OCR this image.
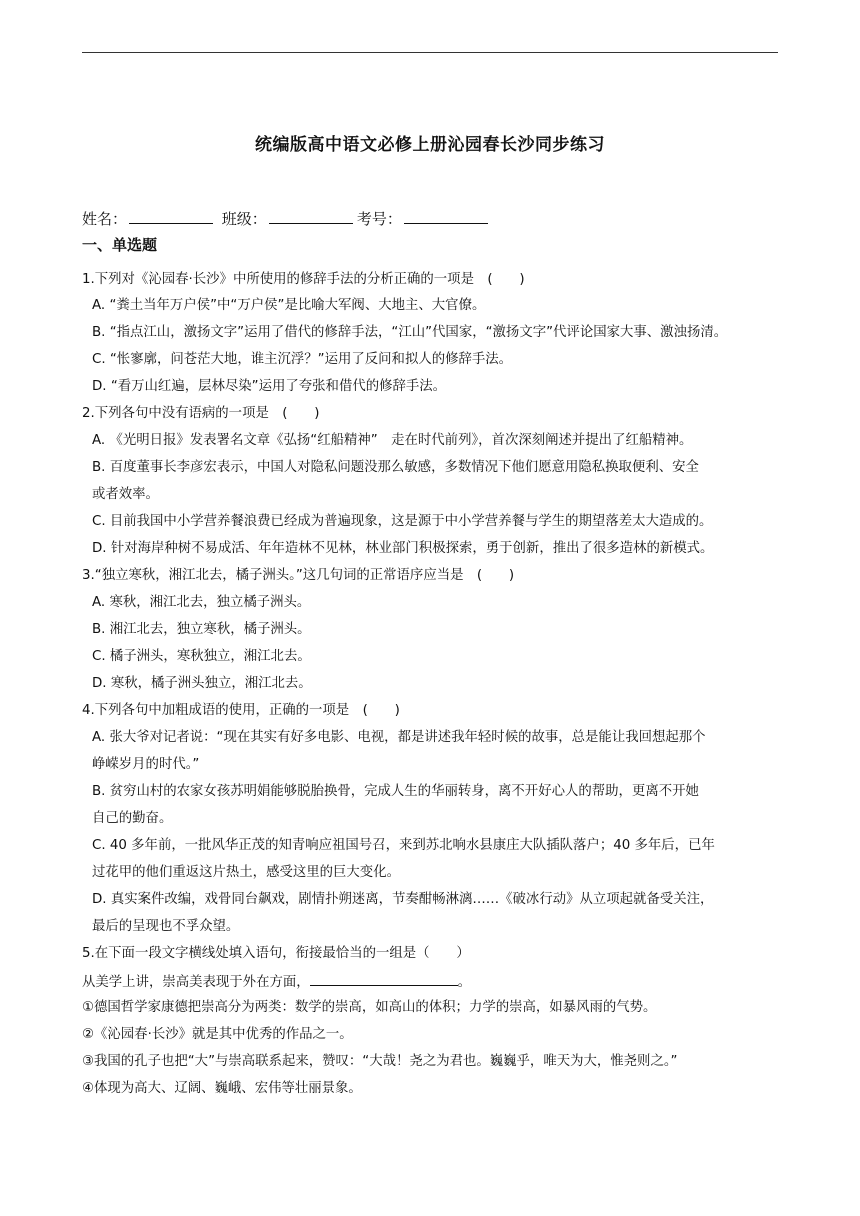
统编版高中语文必修上册沁园春长沙同步练习
姓名：	班级：	考号：
一、单选题
1.下列对《沁园春·长沙》中所使用的修辞手法的分析正确的一项是　(　　)
A. “粪土当年万户侯”中“万户侯”是比喻大军阀、大地主、大官僚。
B. “指点江山，激扬文字”运用了借代的修辞手法，“江山”代国家，“激扬文字”代评论国家大事、激浊扬清。
C. “怅寥廓，问苍茫大地，谁主沉浮？”运用了反问和拟人的修辞手法。
D. “看万山红遍，层林尽染”运用了夸张和借代的修辞手法。
2.下列各句中没有语病的一项是　(　　)
A. 《光明日报》发表署名文章《弘扬“红船精神”　走在时代前列》，首次深刻阐述并提出了红船精神。
B. 百度董事长李彦宏表示，中国人对隐私问题没那么敏感，多数情况下他们愿意用隐私换取便利、安全
或者效率。
C. 目前我国中小学营养餐浪费已经成为普遍现象，这是源于中小学营养餐与学生的期望落差太大造成的。
D. 针对海岸种树不易成活、年年造林不见林，林业部门积极探索，勇于创新，推出了很多造林的新模式。
3.“独立寒秋，湘江北去，橘子洲头。”这几句词的正常语序应当是　(　　)
A. 寒秋，湘江北去，独立橘子洲头。
B. 湘江北去，独立寒秋，橘子洲头。
C. 橘子洲头，寒秋独立，湘江北去。
D. 寒秋，橘子洲头独立，湘江北去。
4.下列各句中加粗成语的使用，正确的一项是　(　　)
A. 张大爷对记者说：“现在其实有好多电影、电视，都是讲述我年轻时候的故事，总是能让我回想起那个
峥嵘岁月的时代。”
B. 贫穷山村的农家女孩苏明娟能够脱胎换骨，完成人生的华丽转身，离不开好心人的帮助，更离不开她
自己的勤奋。
C. 40 多年前，一批风华正茂的知青响应祖国号召，来到苏北响水县康庄大队插队落户；40 多年后，已年
过花甲的他们重返这片热土，感受这里的巨大变化。
D. 真实案件改编，戏骨同台飙戏，剧情扑朔迷离，节奏酣畅淋漓……《破冰行动》从立项起就备受关注，
最后的呈现也不孚众望。
5.在下面一段文字横线处填入语句，衔接最恰当的一组是（　　）
从美学上讲，崇高美表现于外在方面，	。
①德国哲学家康德把崇高分为两类：数学的崇高，如高山的体积；力学的崇高，如暴风雨的气势。
②《沁园春·长沙》就是其中优秀的作品之一。
③我国的孔子也把“大”与崇高联系起来，赞叹：“大哉！尧之为君也。巍巍乎，唯天为大，惟尧则之。”
④体现为高大、辽阔、巍峨、宏伟等壮丽景象。
